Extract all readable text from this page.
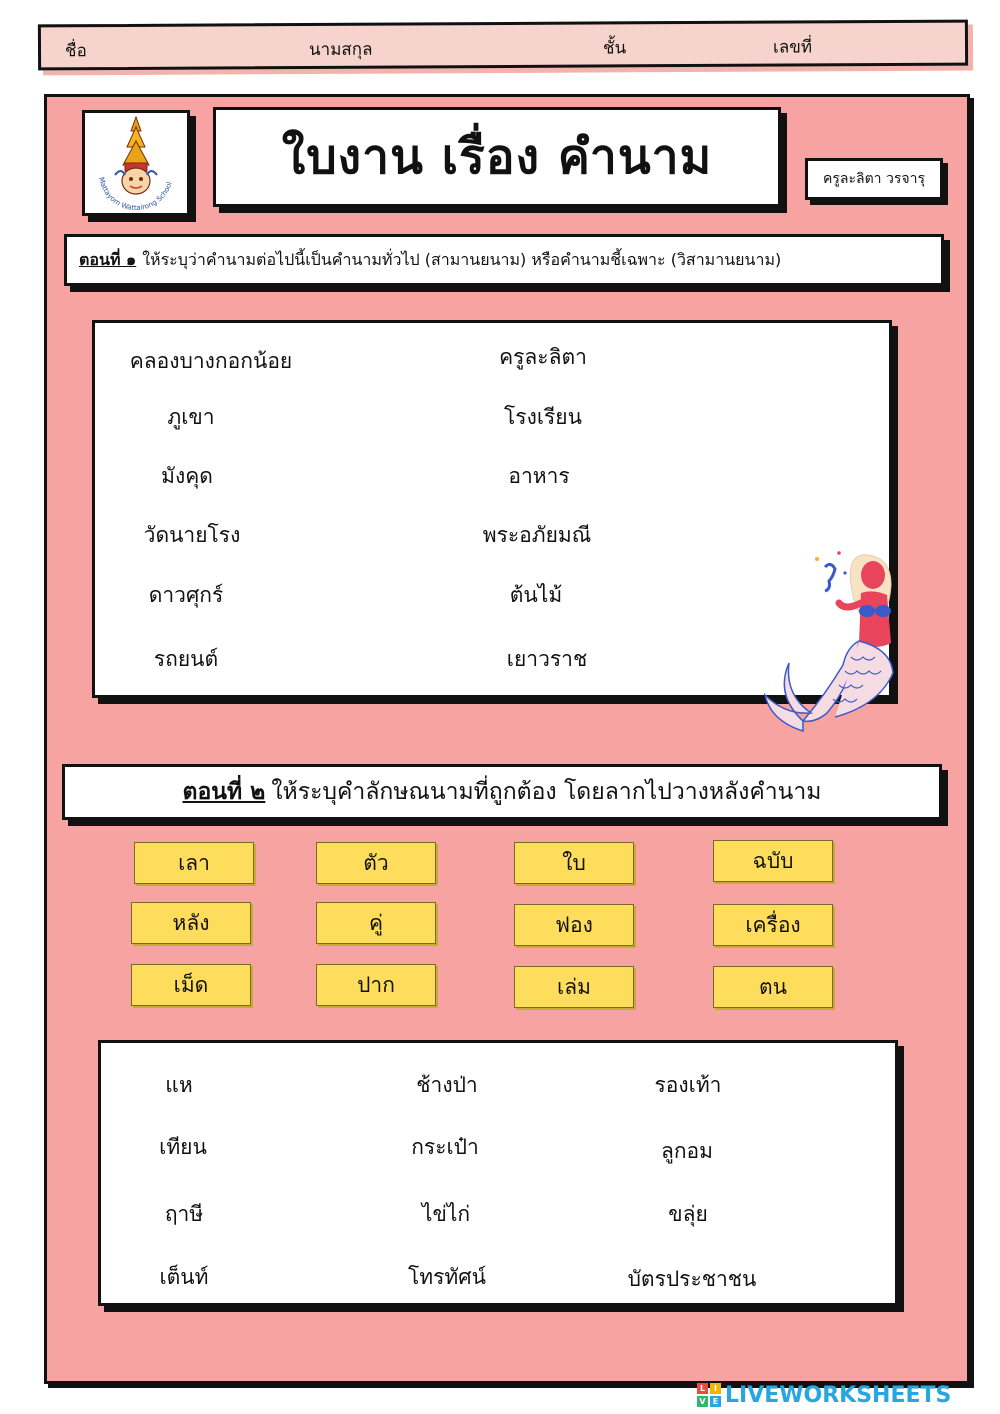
ชื่อ	นามสกุล	ชั้น	เลขที่
Mattayom Wattairong School ใบงาน เรื่อง คำนาม	ครูละลิตา วรจารุ
ตอนที่ ๑ ให้ระบุว่าคำนามต่อไปนี้เป็นคำนามทั่วไป (สามานยนาม) หรือคำนามชี้เฉพาะ (วิสามานยนาม)
คลองบางกอกน้อย	ครูละลิตา
ภูเขา	โรงเรียน
มังคุด	อาหาร
วัดนายโรง	พระอภัยมณี
ดาวศุกร์	ต้นไม้
รถยนต์	เยาวราช
ตอนที่ ๒ ให้ระบุคำลักษณนามที่ถูกต้อง โดยลากไปวางหลังคำนาม
เลา	ตัว	ใบ	ฉบับ
หลัง	คู่	ฟอง	เครื่อง
เม็ด	ปาก	เล่ม	ตน
แห	ช้างป่า	รองเท้า
เทียน	กระเป๋า	ลูกอม
ฤาษี	ไข่ไก่	ขลุ่ย
เต็นท์	โทรทัศน์	บัตรประชาชน
L	I
V E LIVEWORKSHEETS
